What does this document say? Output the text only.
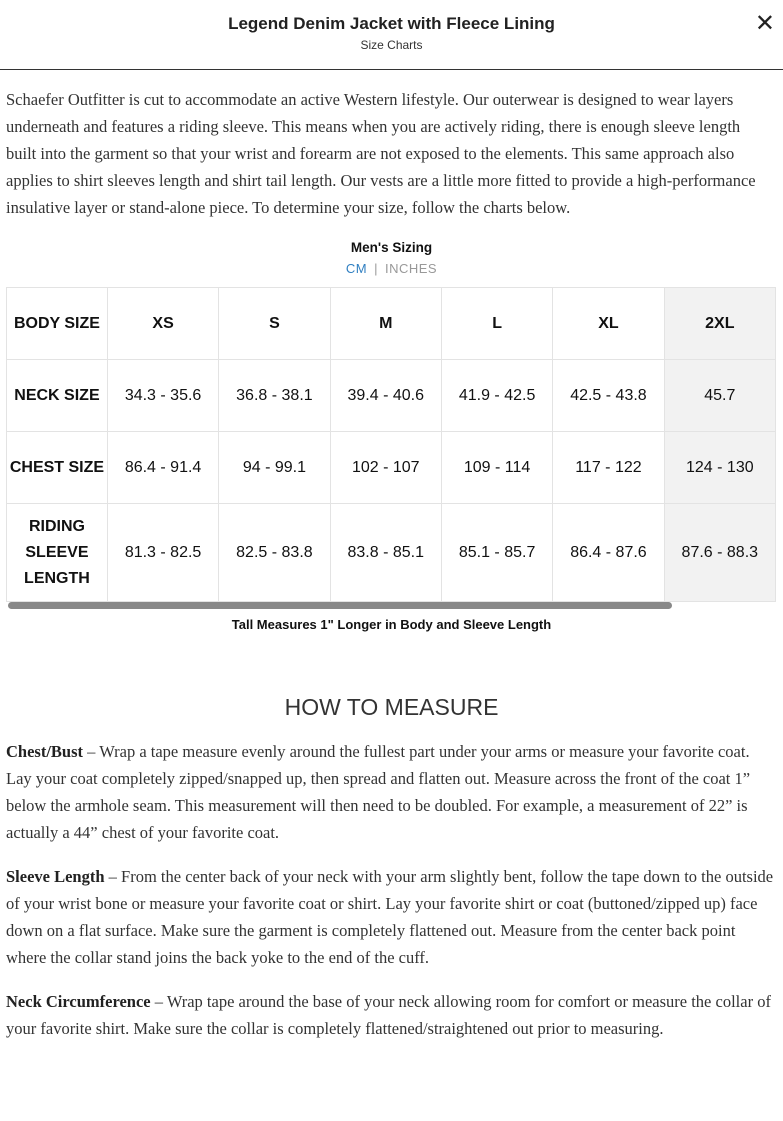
Legend Denim Jacket with Fleece Lining
Size Charts
✕
Schaefer Outfitter is cut to accommodate an active Western lifestyle. Our outerwear is designed to wear layers underneath and features a riding sleeve. This means when you are actively riding, there is enough sleeve length built into the garment so that your wrist and forearm are not exposed to the elements. This same approach also applies to shirt sleeves length and shirt tail length. Our vests are a little more fitted to provide a high-performance insulative layer or stand-alone piece. To determine your size, follow the charts below.
Men's Sizing
CM | INCHES
BODY SIZE	XS	S	M	L	XL	2XL
NECK SIZE	34.3 - 35.6	36.8 - 38.1	39.4 - 40.6	41.9 - 42.5	42.5 - 43.8	45.7
CHEST SIZE	86.4 - 91.4	94 - 99.1	102 - 107	109 - 114	117 - 122	124 - 130
RIDING SLEEVE LENGTH	81.3 - 82.5	82.5 - 83.8	83.8 - 85.1	85.1 - 85.7	86.4 - 87.6	87.6 - 88.3
Tall Measures 1" Longer in Body and Sleeve Length
HOW TO MEASURE
Chest/Bust – Wrap a tape measure evenly around the fullest part under your arms or measure your favorite coat. Lay your coat completely zipped/snapped up, then spread and flatten out. Measure across the front of the coat 1” below the armhole seam. This measurement will then need to be doubled. For example, a measurement of 22” is actually a 44” chest of your favorite coat.
Sleeve Length – From the center back of your neck with your arm slightly bent, follow the tape down to the outside of your wrist bone or measure your favorite coat or shirt. Lay your favorite shirt or coat (buttoned/zipped up) face down on a flat surface. Make sure the garment is completely flattened out. Measure from the center back point where the collar stand joins the back yoke to the end of the cuff.
Neck Circumference – Wrap tape around the base of your neck allowing room for comfort or measure the collar of your favorite shirt. Make sure the collar is completely flattened/straightened out prior to measuring.
